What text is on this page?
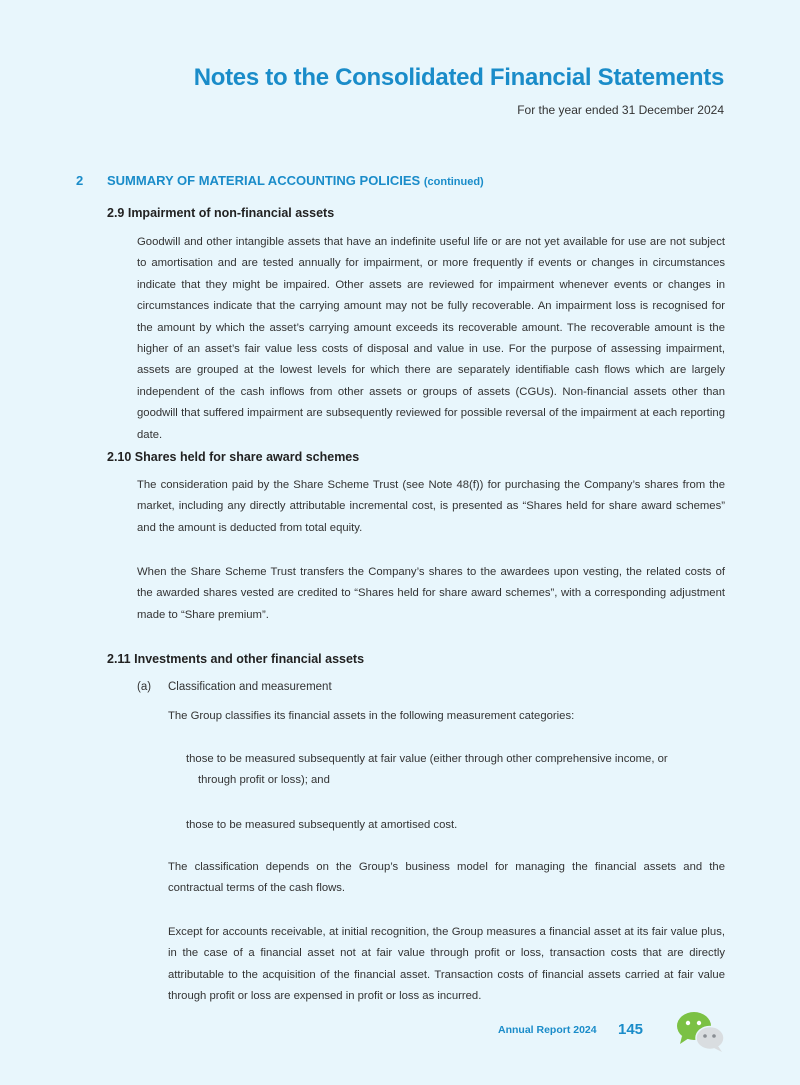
Notes to the Consolidated Financial Statements

For the year ended 31 December 2024

2 SUMMARY OF MATERIAL ACCOUNTING POLICIES (continued)
2.9 Impairment of non-financial assets

Goodwill and other intangible assets that have an indefinite useful life or are not yet available for use are not subject to amortisation and are tested annually for impairment, or more frequently if events or changes in circumstances indicate that they might be impaired. Other assets are reviewed for impairment whenever events or changes in circumstances indicate that the carrying amount may not be fully recoverable. An impairment loss is recognised for the amount by which the asset’s carrying amount exceeds its recoverable amount. The recoverable amount is the higher of an asset’s fair value less costs of disposal and value in use. For the purpose of assessing impairment, assets are grouped at the lowest levels for which there are separately identifiable cash flows which are largely independent of the cash inflows from other assets or groups of assets (CGUs). Non-financial assets other than goodwill that suffered impairment are subsequently reviewed for possible reversal of the impairment at each reporting date.

2.10 Shares held for share award schemes

The consideration paid by the Share Scheme Trust (see Note 48(f)) for purchasing the Company’s shares from the market, including any directly attributable incremental cost, is presented as “Shares held for share award schemes” and the amount is deducted from total equity.

When the Share Scheme Trust transfers the Company’s shares to the awardees upon vesting, the related costs of the awarded shares vested are credited to “Shares held for share award schemes”, with a corresponding adjustment made to “Share premium”.

2.11 Investments and other financial assets
(a) Classification and measurement

The Group classifies its financial assets in the following measurement categories:

those to be measured subsequently at fair value (either through other comprehensive income, or
through profit or loss); and

those to be measured subsequently at amortised cost.

The classification depends on the Group’s business model for managing the financial assets and the contractual terms of the cash flows.

Except for accounts receivable, at initial recognition, the Group measures a financial asset at its fair value plus, in the case of a financial asset not at fair value through profit or loss, transaction costs that are directly attributable to the acquisition of the financial asset. Transaction costs of financial assets carried at fair value through profit or loss are expensed in profit or loss as incurred.

Annual Report 2024 145
